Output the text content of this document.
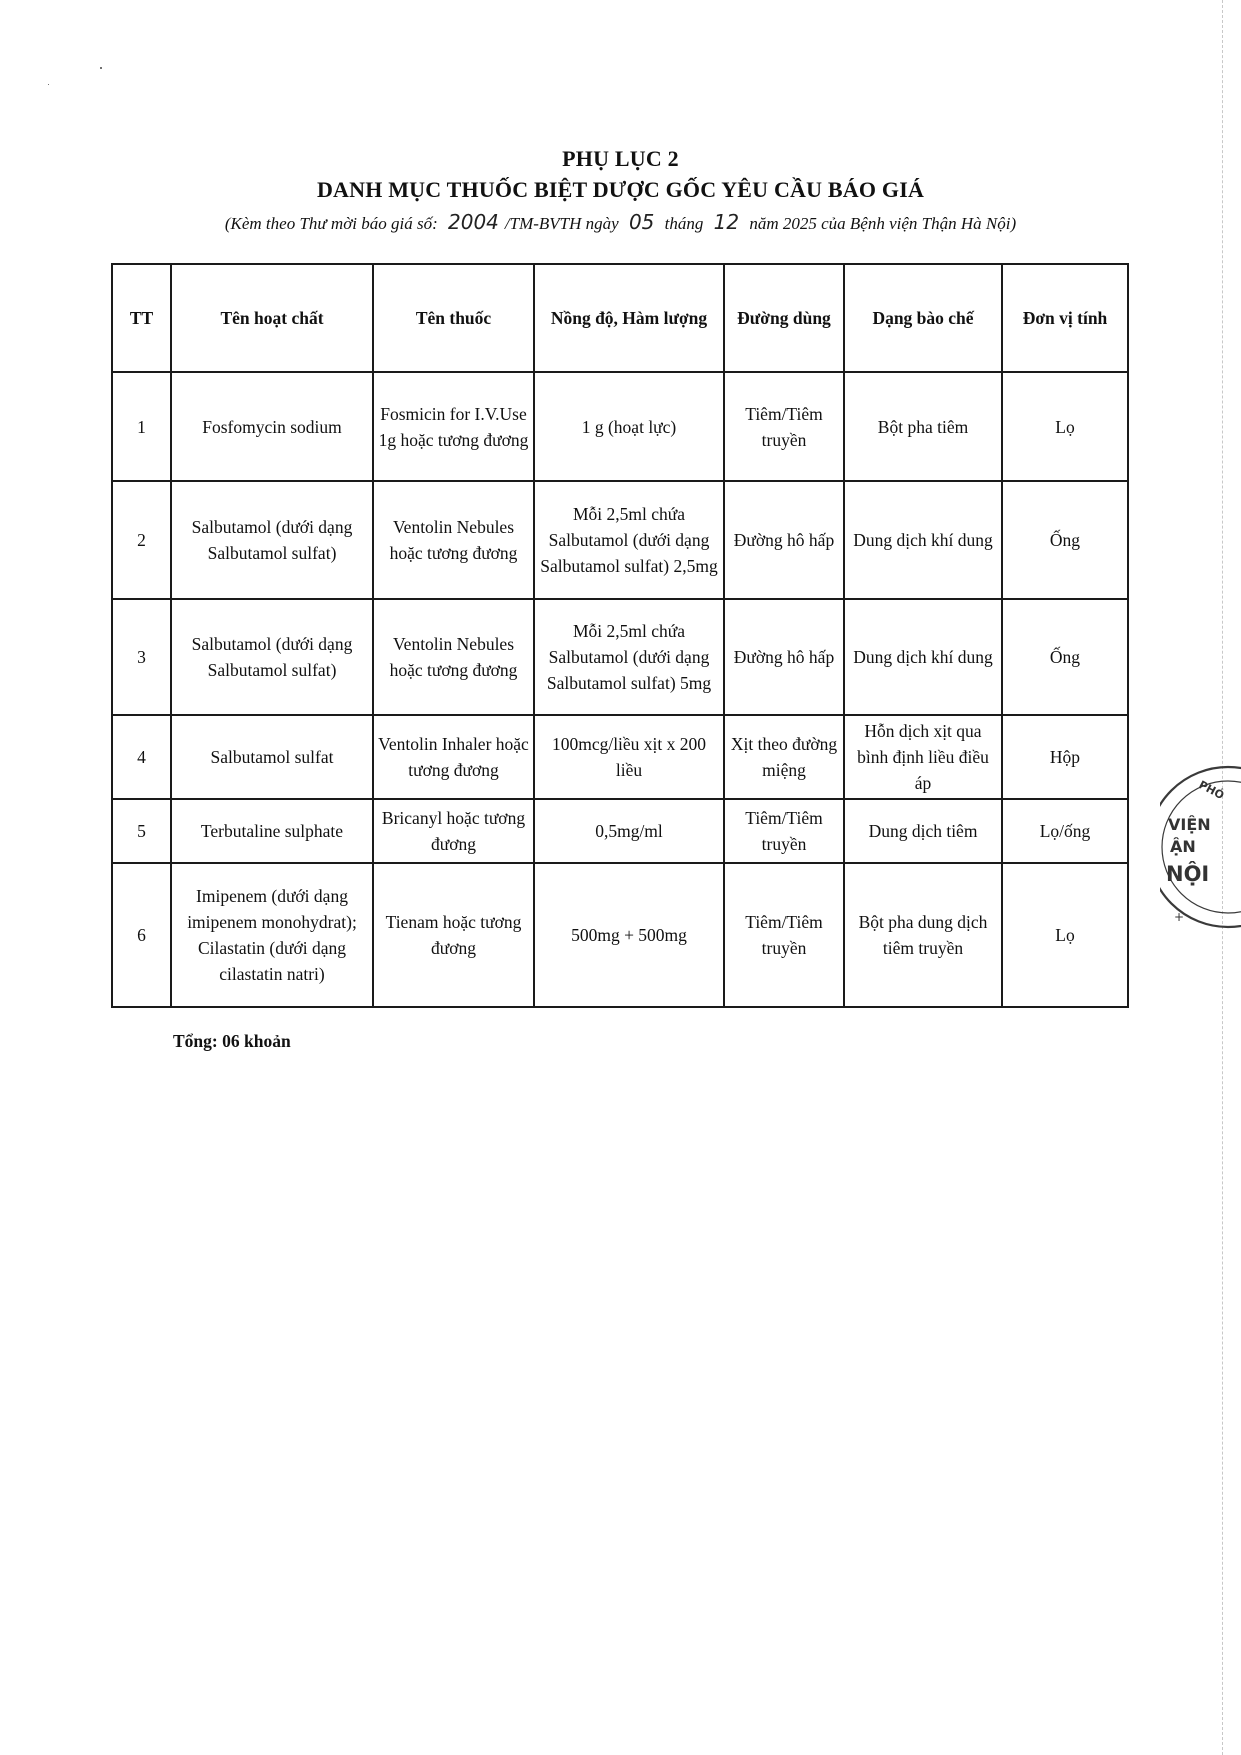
PHỤ LỤC 2
DANH MỤC THUỐC BIỆT DƯỢC GỐC YÊU CẦU BÁO GIÁ
(Kèm theo Thư mời báo giá số: 2004 /TM-BVTH ngày 05 tháng 12 năm 2025 của Bệnh viện Thận Hà Nội)
TT	Tên hoạt chất	Tên thuốc	Nồng độ, Hàm lượng	Đường dùng	Dạng bào chế	Đơn vị tính
1	Fosfomycin sodium	Fosmicin for I.V.Use 1g hoặc tương đương	1 g (hoạt lực)	Tiêm/Tiêm truyền	Bột pha tiêm	Lọ
2	Salbutamol (dưới dạng Salbutamol sulfat)	Ventolin Nebules hoặc tương đương	Mỗi 2,5ml chứa Salbutamol (dưới dạng Salbutamol sulfat) 2,5mg	Đường hô hấp	Dung dịch khí dung	Ống
3	Salbutamol (dưới dạng Salbutamol sulfat)	Ventolin Nebules hoặc tương đương	Mỗi 2,5ml chứa Salbutamol (dưới dạng Salbutamol sulfat) 5mg	Đường hô hấp	Dung dịch khí dung	Ống
4	Salbutamol sulfat	Ventolin Inhaler hoặc tương đương	100mcg/liều xịt x 200 liều	Xịt theo đường miệng	Hỗn dịch xịt qua bình định liều điều áp	Hộp
5	Terbutaline sulphate	Bricanyl hoặc tương đương	0,5mg/ml	Tiêm/Tiêm truyền	Dung dịch tiêm	Lọ/ống
6	Imipenem (dưới dạng imipenem monohydrat); Cilastatin (dưới dạng cilastatin natri)	Tienam hoặc tương đương	500mg + 500mg	Tiêm/Tiêm truyền	Bột pha dung dịch tiêm truyền	Lọ
Tổng: 06 khoản
PHÓ
VIỆN
ẬN
NỘI
+
